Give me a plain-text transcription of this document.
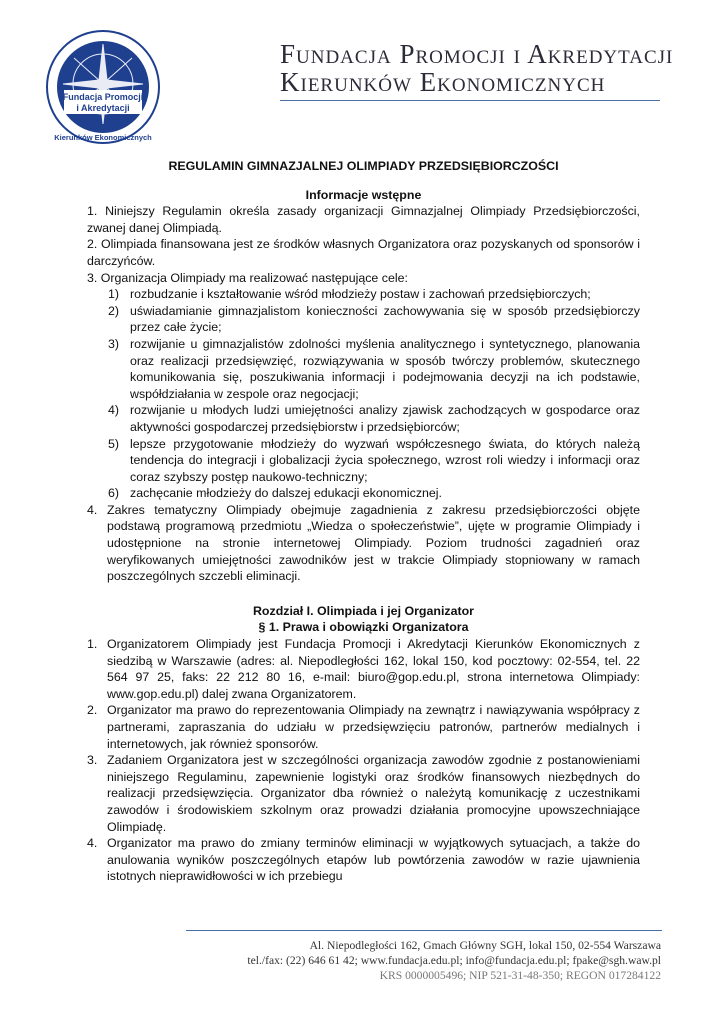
Fundacja Promocji
i Akredytacji
Kierunków Ekonomicznych
Fundacja Promocji i Akredytacji
Kierunków Ekonomicznych
REGULAMIN GIMNAZJALNEJ OLIMPIADY PRZEDSIĘBIORCZOŚCI
Informacje wstępne

1. Niniejszy Regulamin określa zasady organizacji Gimnazjalnej Olimpiady Przedsiębiorczości, zwanej danej Olimpiadą.

2. Olimpiada finansowana jest ze środków własnych Organizatora oraz pozyskanych od sponsorów i darczyńców.

3. Organizacja Olimpiady ma realizować następujące cele:

1) rozbudzanie i kształtowanie wśród młodzieży postaw i zachowań przedsiębiorczych;
2) uświadamianie gimnazjalistom konieczności zachowywania się w sposób przedsiębiorczy przez całe życie;
3) rozwijanie u gimnazjalistów zdolności myślenia analitycznego i syntetycznego, planowania oraz realizacji przedsięwzięć, rozwiązywania w sposób twórczy problemów, skutecznego komunikowania się, poszukiwania informacji i podejmowania decyzji na ich podstawie, współdziałania w zespole oraz negocjacji;
4) rozwijanie u młodych ludzi umiejętności analizy zjawisk zachodzących w gospodarce oraz aktywności gospodarczej przedsiębiorstw i przedsiębiorców;
5) lepsze przygotowanie młodzieży do wyzwań współczesnego świata, do których należą tendencja do integracji i globalizacji życia społecznego, wzrost roli wiedzy i informacji oraz coraz szybszy postęp naukowo-techniczny;
6) zachęcanie młodzieży do dalszej edukacji ekonomicznej.
4. Zakres tematyczny Olimpiady obejmuje zagadnienia z zakresu przedsiębiorczości objęte podstawą programową przedmiotu „Wiedza o społeczeństwie”, ujęte w programie Olimpiady i udostępnione na stronie internetowej Olimpiady. Poziom trudności zagadnień oraz weryfikowanych umiejętności zawodników jest w trakcie Olimpiady stopniowany w ramach poszczególnych szczebli eliminacji.
Rozdział I. Olimpiada i jej Organizator
§ 1. Prawa i obowiązki Organizatora
1. Organizatorem Olimpiady jest Fundacja Promocji i Akredytacji Kierunków Ekonomicznych z siedzibą w Warszawie (adres: al. Niepodległości 162, lokal 150, kod pocztowy: 02-554, tel. 22 564 97 25, faks: 22 212 80 16, e-mail: biuro@gop.edu.pl, strona internetowa Olimpiady: www.gop.edu.pl) dalej zwana Organizatorem.
2. Organizator ma prawo do reprezentowania Olimpiady na zewnątrz i nawiązywania współpracy z partnerami, zapraszania do udziału w przedsięwzięciu patronów, partnerów medialnych i internetowych, jak również sponsorów.
3. Zadaniem Organizatora jest w szczególności organizacja zawodów zgodnie z postanowieniami niniejszego Regulaminu, zapewnienie logistyki oraz środków finansowych niezbędnych do realizacji przedsięwzięcia. Organizator dba również o należytą komunikację z uczestnikami zawodów i środowiskiem szkolnym oraz prowadzi działania promocyjne upowszechniające Olimpiadę.
4. Organizator ma prawo do zmiany terminów eliminacji w wyjątkowych sytuacjach, a także do anulowania wyników poszczególnych etapów lub powtórzenia zawodów w razie ujawnienia istotnych nieprawidłowości w ich przebiegu
Al. Niepodległości 162, Gmach Główny SGH, lokal 150, 02-554 Warszawa
tel./fax: (22) 646 61 42; www.fundacja.edu.pl; info@fundacja.edu.pl; fpake@sgh.waw.pl
KRS 0000005496; NIP 521-31-48-350; REGON 017284122
